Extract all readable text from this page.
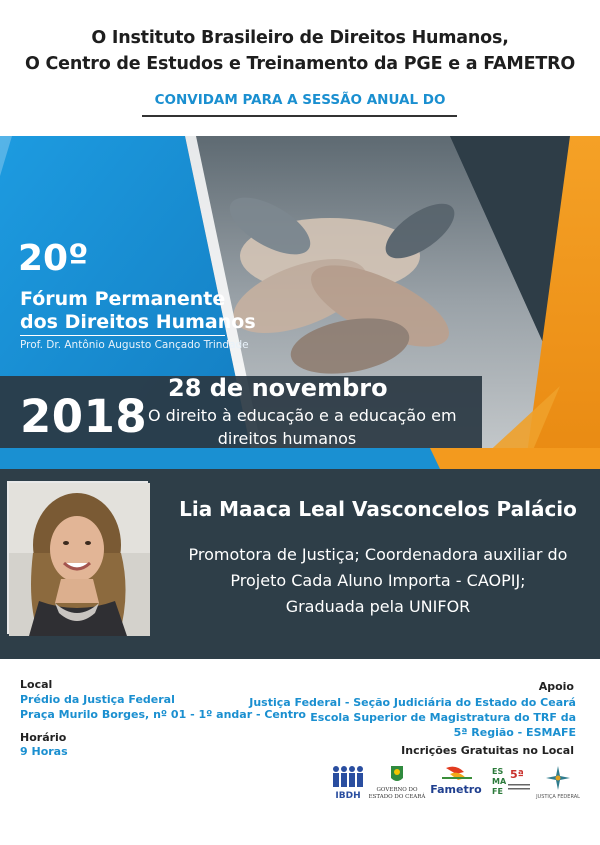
O Instituto Brasileiro de Direitos Humanos,
O Centro de Estudos e Treinamento da PGE e a FAMETRO
CONVIDAM PARA A SESSÃO ANUAL DO
20º
Fórum Permanente
dos Direitos Humanos
Prof. Dr. Antônio Augusto Cançado Trindade
2018
28 de novembro
O direito à educação e a educação em
direitos humanos
Lia Maaca Leal Vasconcelos Palácio
Promotora de Justiça; Coordenadora auxiliar do
Projeto Cada Aluno Importa - CAOPIJ;
Graduada pela UNIFOR
Local
Prédio da Justiça Federal
Praça Murilo Borges, nº 01 - 1º andar - Centro
Horário
9 Horas
Apoio
Justiça Federal - Seção Judiciária do Estado do Ceará
Escola Superior de Magistratura do TRF da
5ª Região - ESMAFE
Incrições Gratuitas no Local
IBDH
GOVERNO DO
ESTADO DO CEARÁ
Fametro
ES
MA
FE
5ª
JUSTIÇA FEDERAL
